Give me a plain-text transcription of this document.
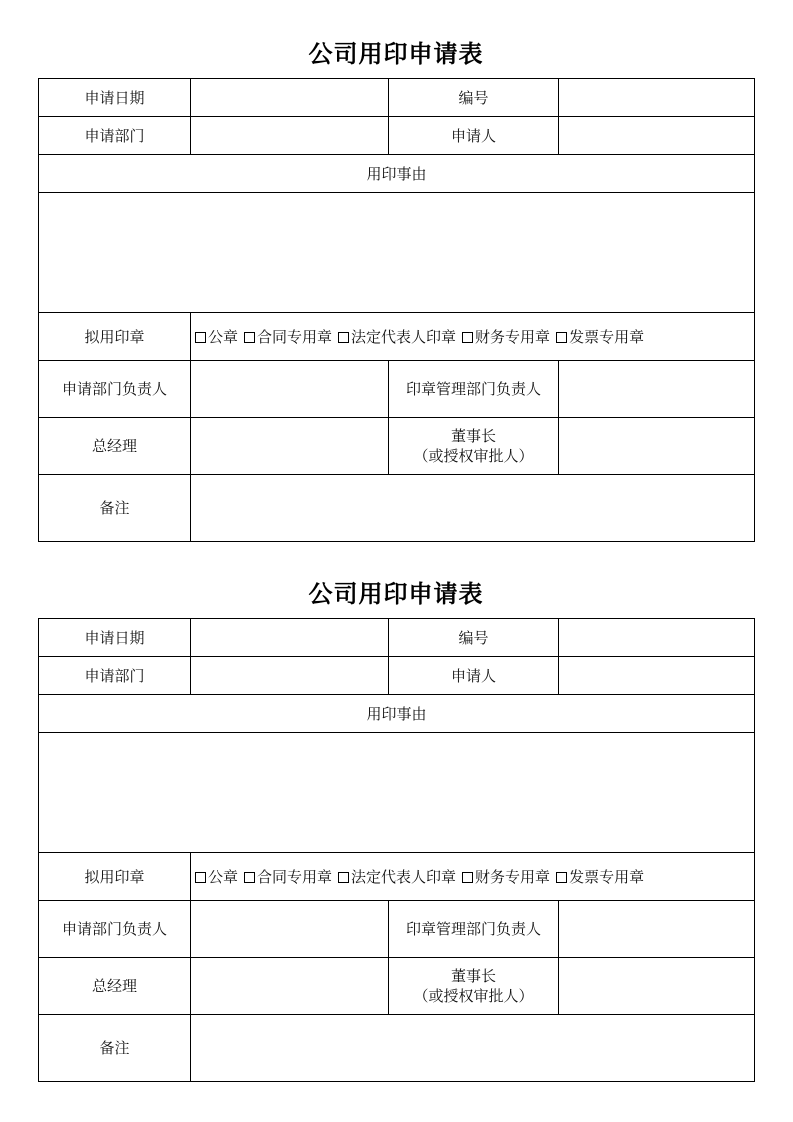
公司用印申请表
申请日期		编号	
申请部门		申请人	
用印事由			

拟用印章	公章 合同专用章 法定代表人印章 财务专用章 发票专用章		
申请部门负责人		印章管理部门负责人	
总经理		董事长
（或授权审批人）	

备注			
公司用印申请表
申请日期		编号	
申请部门		申请人	
用印事由			

拟用印章	公章 合同专用章 法定代表人印章 财务专用章 发票专用章		
申请部门负责人		印章管理部门负责人	
总经理		董事长
（或授权审批人）	

备注			
